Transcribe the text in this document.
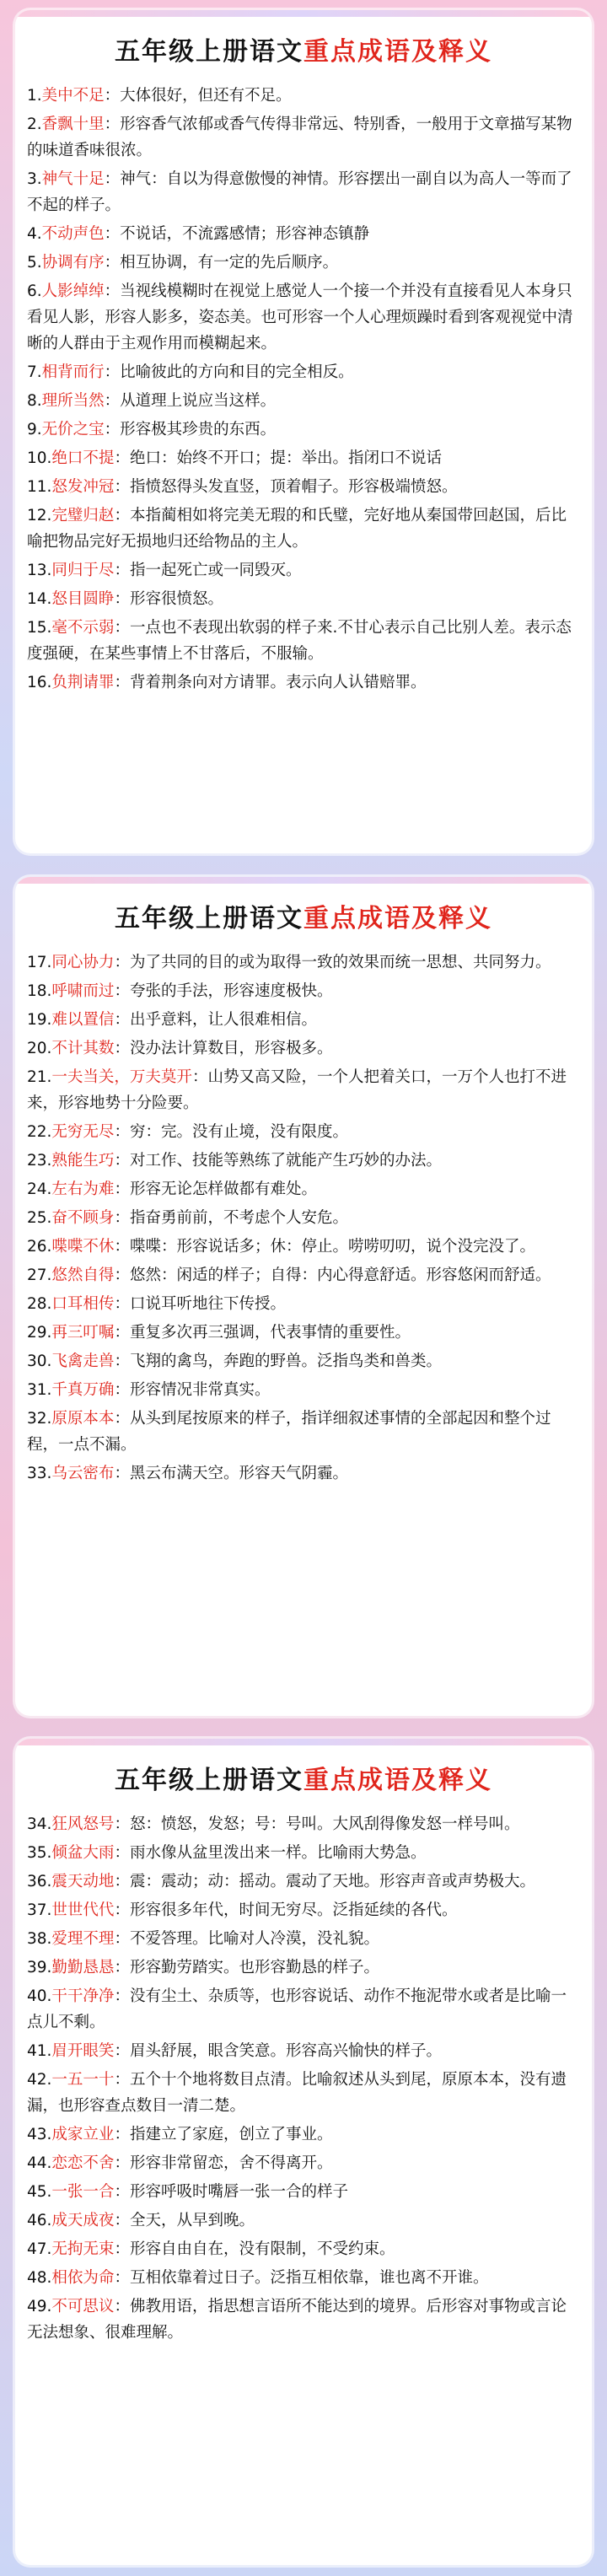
五年级上册语文重点成语及释义
1.美中不足：大体很好，但还有不足。
2.香飘十里：形容香气浓郁或香气传得非常远、特别香，一般用于文章描写某物的味道香味很浓。
3.神气十足：神气：自以为得意傲慢的神情。形容摆出一副自以为高人一等而了不起的样子。
4.不动声色：不说话，不流露感情；形容神态镇静
5.协调有序：相互协调，有一定的先后顺序。
6.人影绰绰：当视线模糊时在视觉上感觉人一个接一个并没有直接看见人本身只看见人影，形容人影多，姿态美。也可形容一个人心理烦躁时看到客观视觉中清晰的人群由于主观作用而模糊起来。
7.相背而行：比喻彼此的方向和目的完全相反。
8.理所当然：从道理上说应当这样。
9.无价之宝：形容极其珍贵的东西。
10.绝口不提：绝口：始终不开口；提：举出。指闭口不说话
11.怒发冲冠：指愤怒得头发直竖，顶着帽子。形容极端愤怒。
12.完璧归赵：本指蔺相如将完美无瑕的和氏璧，完好地从秦国带回赵国，后比喻把物品完好无损地归还给物品的主人。
13.同归于尽：指一起死亡或一同毁灭。
14.怒目圆睁：形容很愤怒。
15.毫不示弱：一点也不表现出软弱的样子来.不甘心表示自己比别人差。表示态度强硬，在某些事情上不甘落后，不服输。
16.负荆请罪：背着荆条向对方请罪。表示向人认错赔罪。
五年级上册语文重点成语及释义
17.同心协力：为了共同的目的或为取得一致的效果而统一思想、共同努力。
18.呼啸而过：夸张的手法，形容速度极快。
19.难以置信：出乎意料，让人很难相信。
20.不计其数：没办法计算数目，形容极多。
21.一夫当关，万夫莫开：山势又高又险，一个人把着关口，一万个人也打不进来，形容地势十分险要。
22.无穷无尽：穷：完。没有止境，没有限度。
23.熟能生巧：对工作、技能等熟练了就能产生巧妙的办法。
24.左右为难：形容无论怎样做都有难处。
25.奋不顾身：指奋勇前前，不考虑个人安危。
26.喋喋不休：喋喋：形容说话多；休：停止。唠唠叨叨，说个没完没了。
27.悠然自得：悠然：闲适的样子；自得：内心得意舒适。形容悠闲而舒适。
28.口耳相传：口说耳听地往下传授。
29.再三叮嘱：重复多次再三强调，代表事情的重要性。
30.飞禽走兽：飞翔的禽鸟，奔跑的野兽。泛指鸟类和兽类。
31.千真万确：形容情况非常真实。
32.原原本本：从头到尾按原来的样子，指详细叙述事情的全部起因和整个过程，一点不漏。
33.乌云密布：黑云布满天空。形容天气阴霾。
五年级上册语文重点成语及释义
34.狂风怒号：怒：愤怒，发怒；号：号叫。大风刮得像发怒一样号叫。
35.倾盆大雨：雨水像从盆里泼出来一样。比喻雨大势急。
36.震天动地：震：震动；动：摇动。震动了天地。形容声音或声势极大。
37.世世代代：形容很多年代，时间无穷尽。泛指延续的各代。
38.爱理不理：不爱答理。比喻对人冷漠，没礼貌。
39.勤勤恳恳：形容勤劳踏实。也形容勤恳的样子。
40.干干净净：没有尘土、杂质等，也形容说话、动作不拖泥带水或者是比喻一点儿不剩。
41.眉开眼笑：眉头舒展，眼含笑意。形容高兴愉快的样子。
42.一五一十：五个十个地将数目点清。比喻叙述从头到尾，原原本本，没有遗漏，也形容查点数目一清二楚。
43.成家立业：指建立了家庭，创立了事业。
44.恋恋不舍：形容非常留恋，舍不得离开。
45.一张一合：形容呼吸时嘴唇一张一合的样子
46.成天成夜：全天，从早到晚。
47.无拘无束：形容自由自在，没有限制，不受约束。
48.相依为命：互相依靠着过日子。泛指互相依靠，谁也离不开谁。
49.不可思议：佛教用语，指思想言语所不能达到的境界。后形容对事物或言论无法想象、很难理解。
